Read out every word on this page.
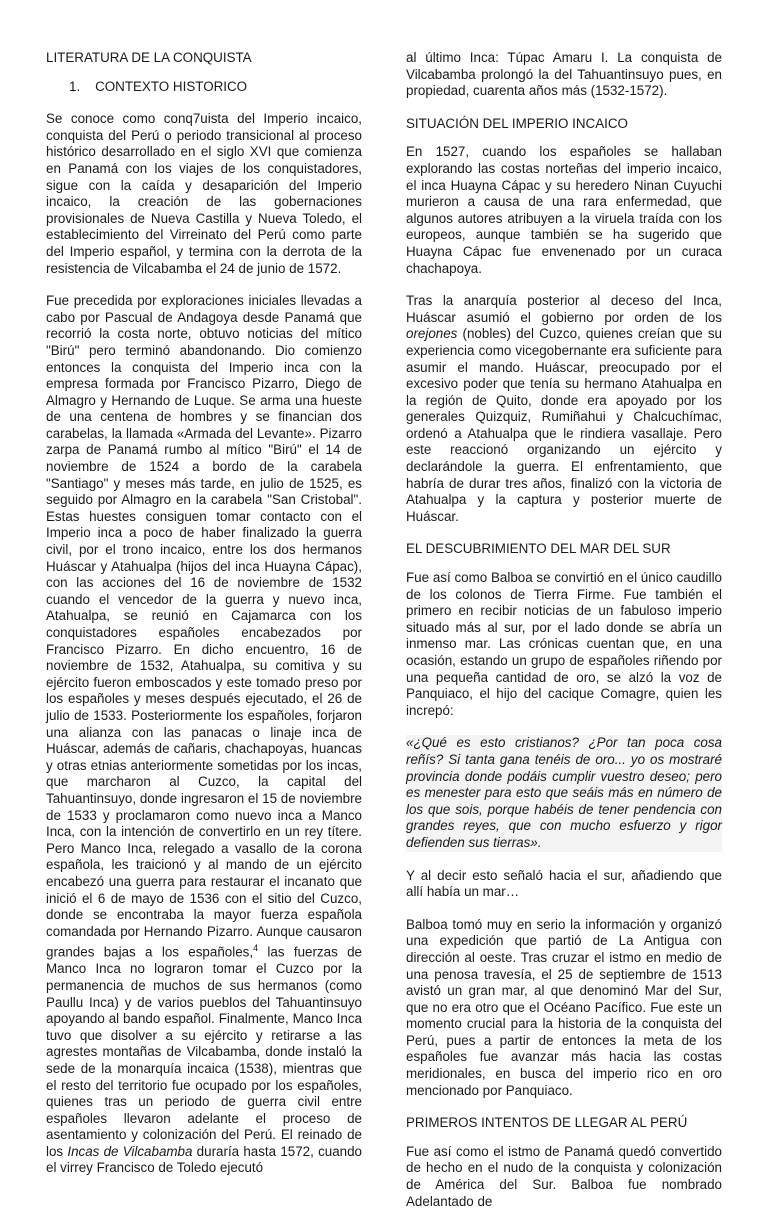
LITERATURA DE LA CONQUISTA

1. CONTEXTO HISTORICO

Se conoce como conq7uista del Imperio incaico, conquista del Perú o periodo transicional al proceso histórico desarrollado en el siglo XVI que comienza en Panamá con los viajes de los conquistadores, sigue con la caída y desaparición del Imperio incaico, la creación de las gobernaciones provisionales de Nueva Castilla y Nueva Toledo, el establecimiento del Virreinato del Perú como parte del Imperio español, y termina con la derrota de la resistencia de Vilcabamba el 24 de junio de 1572.

Fue precedida por exploraciones iniciales llevadas a cabo por Pascual de Andagoya desde Panamá que recorrió la costa norte, obtuvo noticias del mítico "Birú" pero terminó abandonando. Dio comienzo entonces la conquista del Imperio inca con la empresa formada por Francisco Pizarro, Diego de Almagro y Hernando de Luque. Se arma una hueste de una centena de hombres y se financian dos carabelas, la llamada «Armada del Levante». Pizarro zarpa de Panamá rumbo al mítico "Birú" el 14 de noviembre de 1524 a bordo de la carabela "Santiago" y meses más tarde, en julio de 1525, es seguido por Almagro en la carabela "San Cristobal". Estas huestes consiguen tomar contacto con el Imperio inca a poco de haber finalizado la guerra civil, por el trono incaico, entre los dos hermanos Huáscar y Atahualpa (hijos del inca Huayna Cápac), con las acciones del 16 de noviembre de 1532 cuando el vencedor de la guerra y nuevo inca, Atahualpa, se reunió en Cajamarca con los conquistadores españoles encabezados por Francisco Pizarro. En dicho encuentro, 16 de noviembre de 1532, Atahualpa, su comitiva y su ejército fueron emboscados y este tomado preso por los españoles y meses después ejecutado, el 26 de julio de 1533. Posteriormente los españoles, forjaron una alianza con las panacas o linaje inca de Huáscar, además de cañaris, chachapoyas, huancas y otras etnias anteriormente sometidas por los incas, que marcharon al Cuzco, la capital del Tahuantinsuyo, donde ingresaron el 15 de noviembre de 1533 y proclamaron como nuevo inca a Manco Inca, con la intención de convertirlo en un rey títere. Pero Manco Inca, relegado a vasallo de la corona española, les traicionó y al mando de un ejército encabezó una guerra para restaurar el incanato que inició el 6 de mayo de 1536 con el sitio del Cuzco, donde se encontraba la mayor fuerza española comandada por Hernando Pizarro. Aunque causaron grandes bajas a los españoles,$^4$ las fuerzas de Manco Inca no lograron tomar el Cuzco por la permanencia de muchos de sus hermanos (como Paullu Inca) y de varios pueblos del Tahuantinsuyo apoyando al bando español. Finalmente, Manco Inca tuvo que disolver a su ejército y retirarse a las agrestes montañas de Vilcabamba, donde instaló la sede de la monarquía incaica (1538), mientras que el resto del territorio fue ocupado por los españoles, quienes tras un periodo de guerra civil entre españoles llevaron adelante el proceso de asentamiento y colonización del Perú. El reinado de los Incas de Vilcabamba duraría hasta 1572, cuando el virrey Francisco de Toledo ejecutó

al último Inca: Túpac Amaru I. La conquista de Vilcabamba prolongó la del Tahuantinsuyo pues, en propiedad, cuarenta años más (1532-1572).

SITUACIÓN DEL IMPERIO INCAICO

En 1527, cuando los españoles se hallaban explorando las costas norteñas del imperio incaico, el inca Huayna Cápac y su heredero Ninan Cuyuchi murieron a causa de una rara enfermedad, que algunos autores atribuyen a la viruela traída con los europeos, aunque también se ha sugerido que Huayna Cápac fue envenenado por un curaca chachapoya.

Tras la anarquía posterior al deceso del Inca, Huáscar asumió el gobierno por orden de los orejones (nobles) del Cuzco, quienes creían que su experiencia como vicegobernante era suficiente para asumir el mando. Huáscar, preocupado por el excesivo poder que tenía su hermano Atahualpa en la región de Quito, donde era apoyado por los generales Quizquiz, Rumiñahui y Chalcuchímac, ordenó a Atahualpa que le rindiera vasallaje. Pero este reaccionó organizando un ejército y declarándole la guerra. El enfrentamiento, que habría de durar tres años, finalizó con la victoria de Atahualpa y la captura y posterior muerte de Huáscar.

EL DESCUBRIMIENTO DEL MAR DEL SUR

Fue así como Balboa se convirtió en el único caudillo de los colonos de Tierra Firme. Fue también el primero en recibir noticias de un fabuloso imperio situado más al sur, por el lado donde se abría un inmenso mar. Las crónicas cuentan que, en una ocasión, estando un grupo de españoles riñendo por una pequeña cantidad de oro, se alzó la voz de Panquiaco, el hijo del cacique Comagre, quien les increpó:

«¿Qué es esto cristianos? ¿Por tan poca cosa reñís? Si tanta gana tenéis de oro... yo os mostraré provincia donde podáis cumplir vuestro deseo; pero es menester para esto que seáis más en número de los que sois, porque habéis de tener pendencia con grandes reyes, que con mucho esfuerzo y rigor defienden sus tierras».

Y al decir esto señaló hacia el sur, añadiendo que allí había un mar…

Balboa tomó muy en serio la información y organizó una expedición que partió de La Antigua con dirección al oeste. Tras cruzar el istmo en medio de una penosa travesía, el 25 de septiembre de 1513 avistó un gran mar, al que denominó Mar del Sur, que no era otro que el Océano Pacífico. Fue este un momento crucial para la historia de la conquista del Perú, pues a partir de entonces la meta de los españoles fue avanzar más hacia las costas meridionales, en busca del imperio rico en oro mencionado por Panquiaco.

PRIMEROS INTENTOS DE LLEGAR AL PERÚ

Fue así como el istmo de Panamá quedó convertido de hecho en el nudo de la conquista y colonización de América del Sur. Balboa fue nombrado Adelantado de
